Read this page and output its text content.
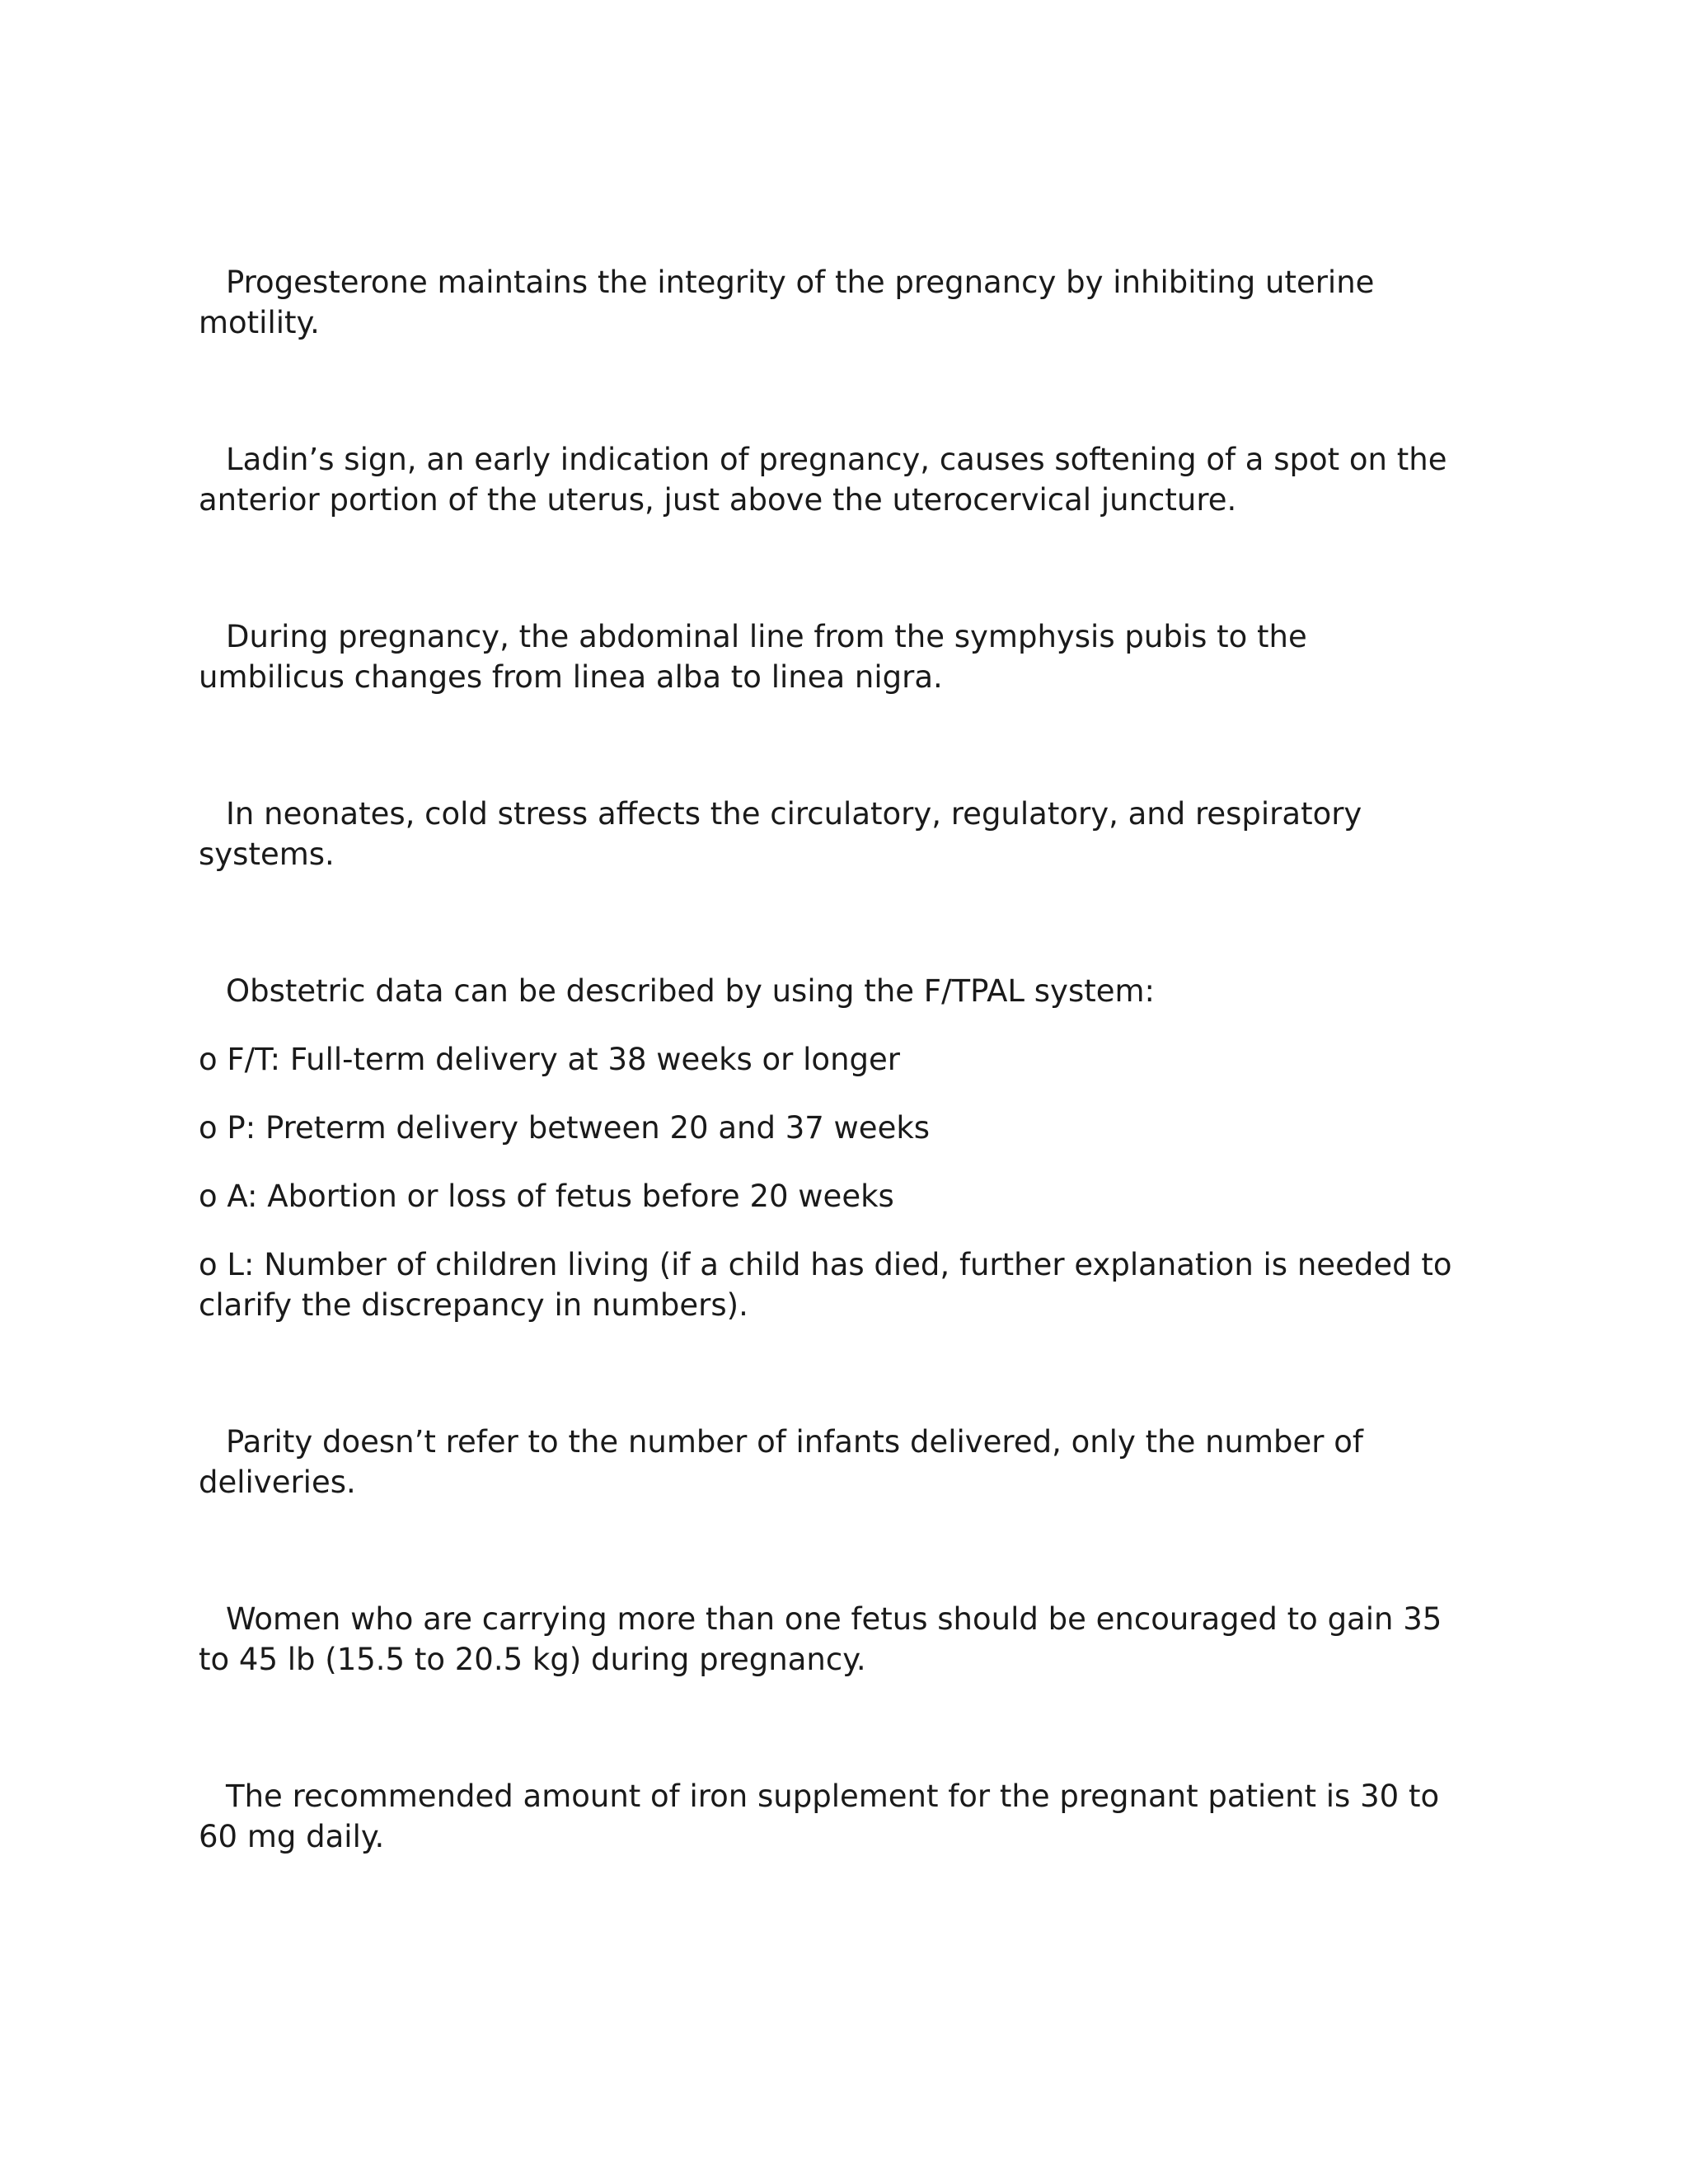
Progesterone maintains the integrity of the pregnancy by inhibiting uterine motility.

Ladin’s sign, an early indication of pregnancy, causes softening of a spot on the anterior portion of the uterus, just above the uterocervical juncture.

During pregnancy, the abdominal line from the symphysis pubis to the umbilicus changes from linea alba to linea nigra.

In neonates, cold stress affects the circulatory, regulatory, and respiratory systems.

Obstetric data can be described by using the F/TPAL system:

o F/T: Full-term delivery at 38 weeks or longer

o P: Preterm delivery between 20 and 37 weeks

o A: Abortion or loss of fetus before 20 weeks

o L: Number of children living (if a child has died, further explanation is needed to clarify the discrepancy in numbers).

Parity doesn’t refer to the number of infants delivered, only the number of deliveries.

Women who are carrying more than one fetus should be encouraged to gain 35 to 45 lb (15.5 to 20.5 kg) during pregnancy.

The recommended amount of iron supplement for the pregnant patient is 30 to 60 mg daily.
